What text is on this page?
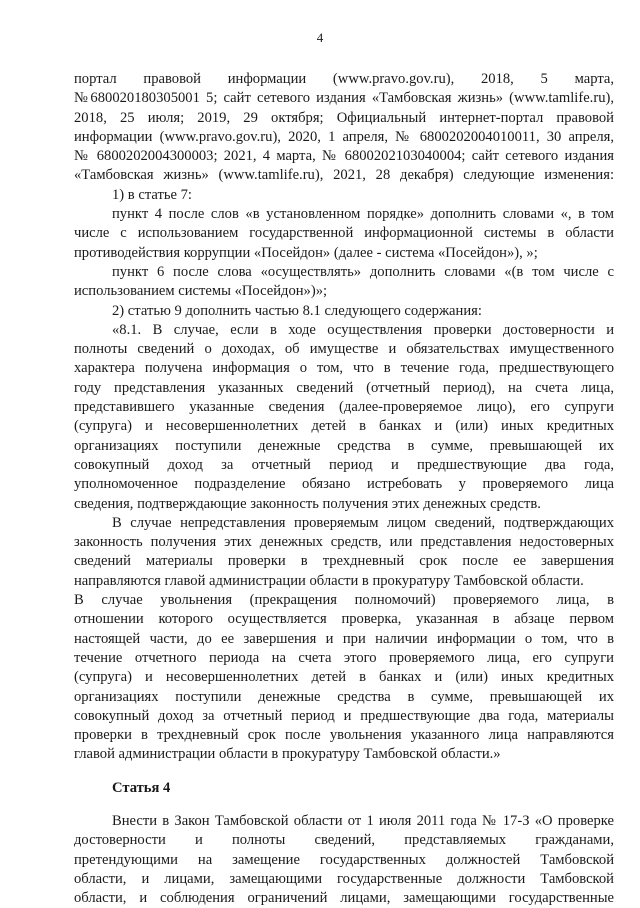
4
портал правовой информации (www.pravo.gov.ru), 2018, 5 марта,
№680020180305001 5; сайт сетевого издания «Тамбовская жизнь» (www.tamlife.ru),
2018, 25 июля; 2019, 29 октября; Официальный интернет-портал правовой
информации (www.pravo.gov.ru), 2020, 1 апреля, № 6800202004010011, 30 апреля,
№ 6800202004300003; 2021, 4 марта, № 6800202103040004; сайт сетевого издания
«Тамбовская жизнь» (www.tamlife.ru), 2021, 28 декабря) следующие изменения:
1) в статье 7:
пункт 4 после слов «в установленном порядке» дополнить словами «, в том
числе с использованием государственной информационной системы в области
противодействия коррупции «Посейдон» (далее - система «Посейдон»), »;
пункт 6 после слова «осуществлять» дополнить словами «(в том числе с
использованием системы «Посейдон»)»;
2) статью 9 дополнить частью 8.1 следующего содержания:
«8.1. В случае, если в ходе осуществления проверки достоверности и
полноты сведений о доходах, об имуществе и обязательствах имущественного
характера получена информация о том, что в течение года, предшествующего
году представления указанных сведений (отчетный период), на счета лица,
представившего указанные сведения (далее-проверяемое лицо), его супруги
(супруга) и несовершеннолетних детей в банках и (или) иных кредитных
организациях поступили денежные средства в сумме, превышающей их
совокупный доход за отчетный период и предшествующие два года,
уполномоченное подразделение обязано истребовать у проверяемого лица
сведения, подтверждающие законность получения этих денежных средств.
В случае непредставления проверяемым лицом сведений, подтверждающих
законность получения этих денежных средств, или представления недостоверных
сведений материалы проверки в трехдневный срок после ее завершения
направляются главой администрации области в прокуратуру Тамбовской области.
В случае увольнения (прекращения полномочий) проверяемого лица, в
отношении которого осуществляется проверка, указанная в абзаце первом
настоящей части, до ее завершения и при наличии информации о том, что в
течение отчетного периода на счета этого проверяемого лица, его супруги
(супруга) и несовершеннолетних детей в банках и (или) иных кредитных
организациях поступили денежные средства в сумме, превышающей их
совокупный доход за отчетный период и предшествующие два года, материалы
проверки в трехдневный срок после увольнения указанного лица направляются
главой администрации области в прокуратуру Тамбовской области.»
Статья 4
Внести в Закон Тамбовской области от 1 июля 2011 года № 17-З «О проверке
достоверности и полноты сведений, представляемых гражданами,
претендующими на замещение государственных должностей Тамбовской
области, и лицами, замещающими государственные должности Тамбовской
области, и соблюдения ограничений лицами, замещающими государственные
